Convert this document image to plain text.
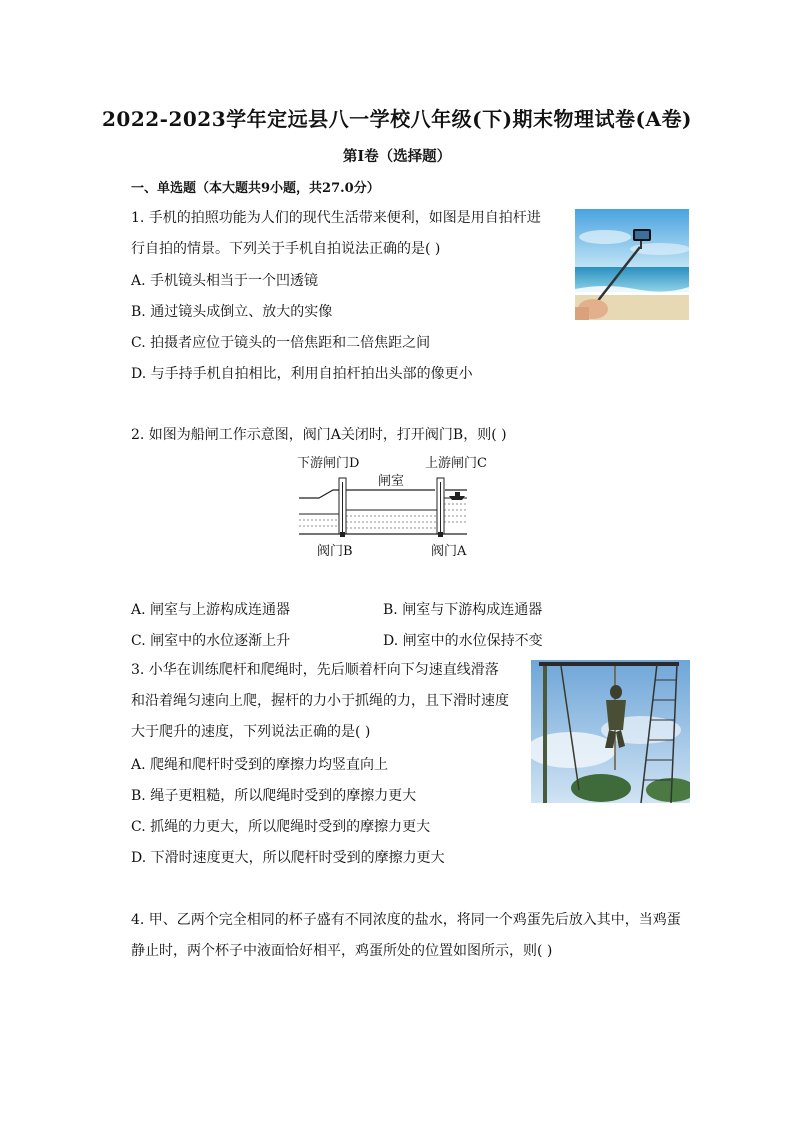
2022-2023学年定远县八一学校八年级(下)期末物理试卷(A卷)
第I卷（选择题）
一、单选题（本大题共9小题，共27.0分）
1. 手机的拍照功能为人们的现代生活带来便利，如图是用自拍杆进
行自拍的情景。下列关于手机自拍说法正确的是( )
A. 手机镜头相当于一个凹透镜
B. 通过镜头成倒立、放大的实像
C. 拍摄者应位于镜头的一倍焦距和二倍焦距之间
D. 与手持手机自拍相比，利用自拍杆拍出头部的像更小
2. 如图为船闸工作示意图，阀门A关闭时，打开阀门B，则( )
下游闸门D	上游闸门C
闸室
阀门B	阀门A
A. 闸室与上游构成连通器	B. 闸室与下游构成连通器
C. 闸室中的水位逐渐上升	D. 闸室中的水位保持不变
3. 小华在训练爬杆和爬绳时，先后顺着杆向下匀速直线滑落
和沿着绳匀速向上爬，握杆的力小于抓绳的力，且下滑时速度
大于爬升的速度，下列说法正确的是( )
A. 爬绳和爬杆时受到的摩擦力均竖直向上
B. 绳子更粗糙，所以爬绳时受到的摩擦力更大
C. 抓绳的力更大，所以爬绳时受到的摩擦力更大
D. 下滑时速度更大，所以爬杆时受到的摩擦力更大
4. 甲、乙两个完全相同的杯子盛有不同浓度的盐水，将同一个鸡蛋先后放入其中，当鸡蛋
静止时，两个杯子中液面恰好相平，鸡蛋所处的位置如图所示，则( )
